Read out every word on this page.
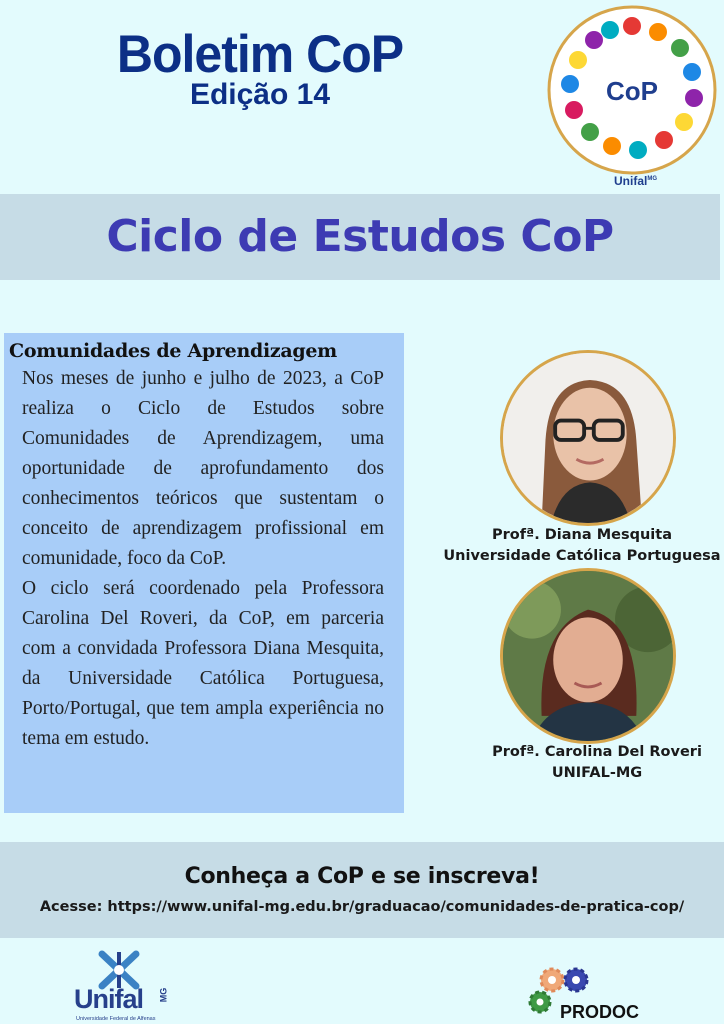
Boletim CoP
Edição 14	CoP
Unifal$^{MG}$
Ciclo de Estudos CoP
Comunidades de Aprendizagem

Nos meses de junho e julho de 2023, a CoP realiza o Ciclo de Estudos sobre Comunidades de Aprendizagem, uma oportunidade de aprofundamento dos conhecimentos teóricos que sustentam o conceito de aprendizagem profissional em comunidade, foco da CoP.

O ciclo será coordenado pela Professora Carolina Del Roveri, da CoP, em parceria com a convidada Professora Diana Mesquita, da Universidade Católica Portuguesa, Porto/Portugal, que tem ampla experiência no tema em estudo.

Profª. Diana Mesquita
Universidade Católica Portuguesa
Profª. Carolina Del Roveri
UNIFAL-MG
Conheça a CoP e se inscreva!
Acesse: https://www.unifal-mg.edu.br/graduacao/comunidades-de-pratica-cop/
Unifal MG
Universidade Federal de Alfenas	PRODOC
